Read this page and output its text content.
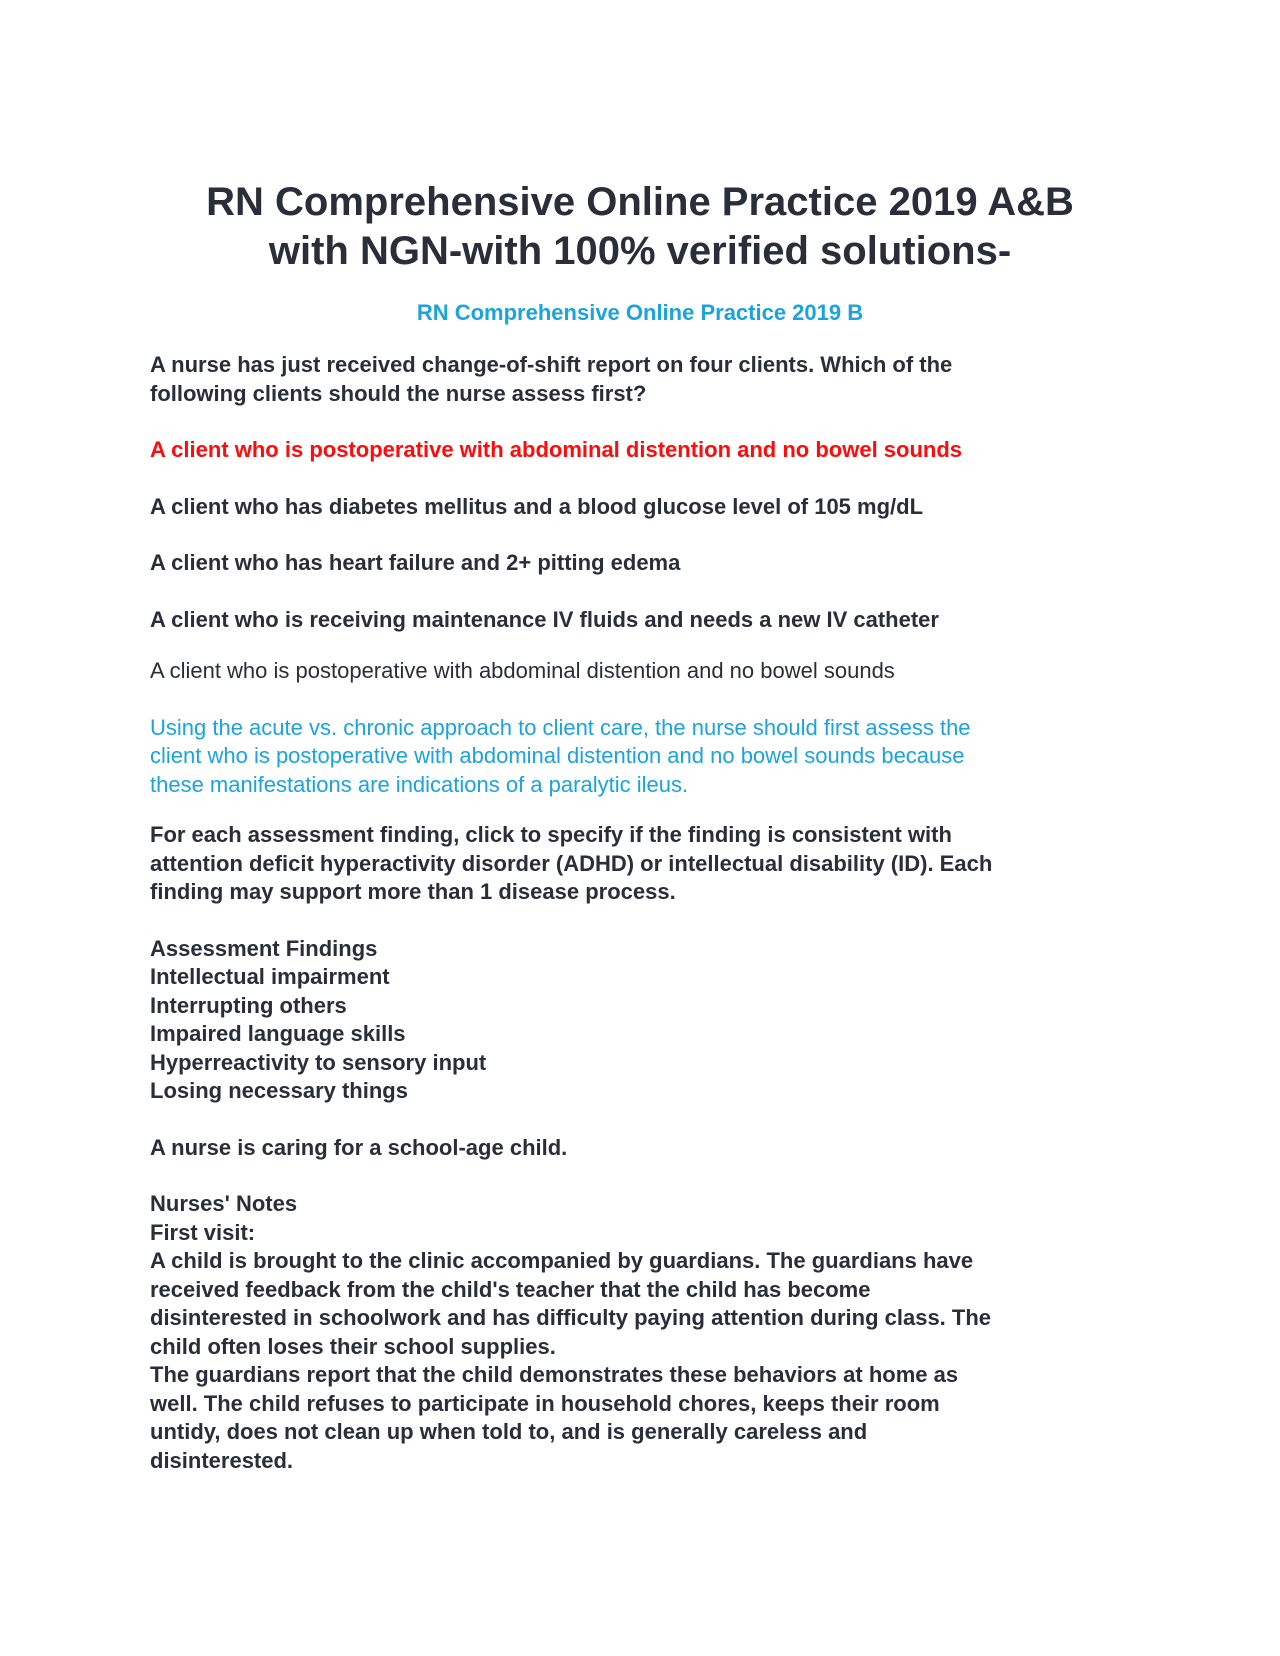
RN Comprehensive Online Practice 2019 A&B
with NGN-with 100% verified solutions-

RN Comprehensive Online Practice 2019 B

A nurse has just received change-of-shift report on four clients. Which of the
following clients should the nurse assess first?

A client who is postoperative with abdominal distention and no bowel sounds

A client who has diabetes mellitus and a blood glucose level of 105 mg/dL

A client who has heart failure and 2+ pitting edema

A client who is receiving maintenance IV fluids and needs a new IV catheter

A client who is postoperative with abdominal distention and no bowel sounds

Using the acute vs. chronic approach to client care, the nurse should first assess the
client who is postoperative with abdominal distention and no bowel sounds because
these manifestations are indications of a paralytic ileus.

For each assessment finding, click to specify if the finding is consistent with
attention deficit hyperactivity disorder (ADHD) or intellectual disability (ID). Each
finding may support more than 1 disease process.

Assessment Findings
Intellectual impairment
Interrupting others
Impaired language skills
Hyperreactivity to sensory input
Losing necessary things

A nurse is caring for a school-age child.

Nurses' Notes
First visit:
A child is brought to the clinic accompanied by guardians. The guardians have
received feedback from the child's teacher that the child has become
disinterested in schoolwork and has difficulty paying attention during class. The
child often loses their school supplies.
The guardians report that the child demonstrates these behaviors at home as
well. The child refuses to participate in household chores, keeps their room
untidy, does not clean up when told to, and is generally careless and
disinterested.
